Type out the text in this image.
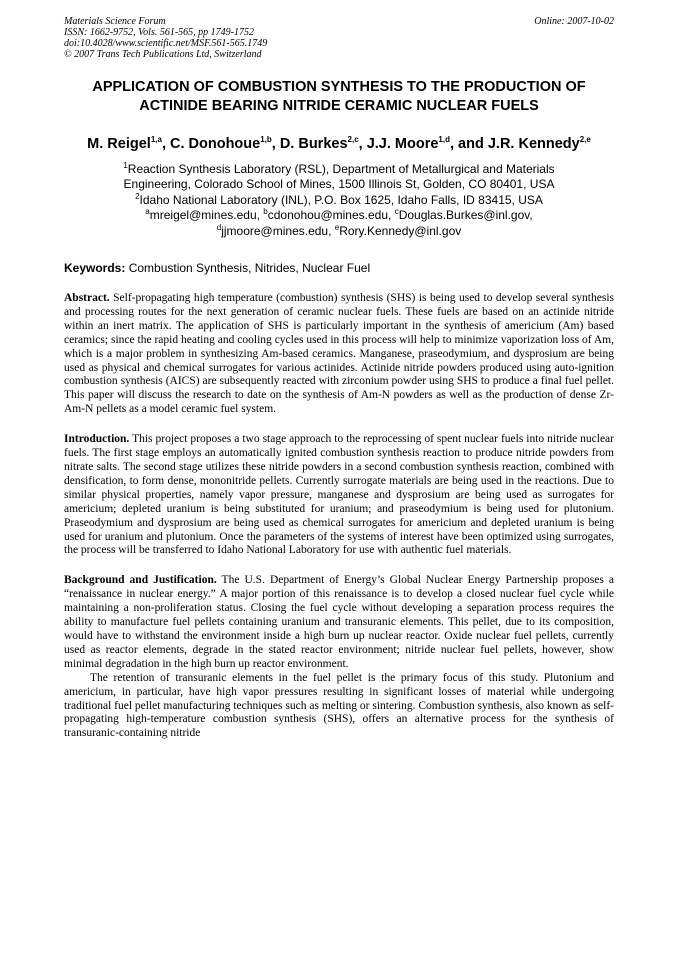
Materials Science Forum
ISSN: 1662-9752, Vols. 561-565, pp 1749-1752
doi:10.4028/www.scientific.net/MSF.561-565.1749
© 2007 Trans Tech Publications Ltd, Switzerland
Online: 2007-10-02
APPLICATION OF COMBUSTION SYNTHESIS TO THE PRODUCTION OF
ACTINIDE BEARING NITRIDE CERAMIC NUCLEAR FUELS
M. Reigel$^{1,a}$, C. Donohoue$^{1,b}$, D. Burkes$^{2,c}$, J.J. Moore$^{1,d}$, and J.R. Kennedy$^{2,e}$
$^1$Reaction Synthesis Laboratory (RSL), Department of Metallurgical and Materials
Engineering, Colorado School of Mines, 1500 Illinois St, Golden, CO 80401, USA
$^2$Idaho National Laboratory (INL), P.O. Box 1625, Idaho Falls, ID 83415, USA
$^a$mreigel@mines.edu, $^b$cdonohou@mines.edu, $^c$Douglas.Burkes@inl.gov,
$^d$jjmoore@mines.edu, $^e$Rory.Kennedy@inl.gov
Keywords: Combustion Synthesis, Nitrides, Nuclear Fuel
Abstract. Self-propagating high temperature (combustion) synthesis (SHS) is being used to develop several synthesis and processing routes for the next generation of ceramic nuclear fuels. These fuels are based on an actinide nitride within an inert matrix. The application of SHS is particularly important in the synthesis of americium (Am) based ceramics; since the rapid heating and cooling cycles used in this process will help to minimize vaporization loss of Am, which is a major problem in synthesizing Am-based ceramics. Manganese, praseodymium, and dysprosium are being used as physical and chemical surrogates for various actinides. Actinide nitride powders produced using auto-ignition combustion synthesis (AICS) are subsequently reacted with zirconium powder using SHS to produce a final fuel pellet. This paper will discuss the research to date on the synthesis of Am-N powders as well as the production of dense Zr-Am-N pellets as a model ceramic fuel system.
Introduction. This project proposes a two stage approach to the reprocessing of spent nuclear fuels into nitride nuclear fuels. The first stage employs an automatically ignited combustion synthesis reaction to produce nitride powders from nitrate salts. The second stage utilizes these nitride powders in a second combustion synthesis reaction, combined with densification, to form dense, mononitride pellets. Currently surrogate materials are being used in the reactions. Due to similar physical properties, namely vapor pressure, manganese and dysprosium are being used as surrogates for americium; depleted uranium is being substituted for uranium; and praseodymium is being used for plutonium. Praseodymium and dysprosium are being used as chemical surrogates for americium and depleted uranium is being used for uranium and plutonium. Once the parameters of the systems of interest have been optimized using surrogates, the process will be transferred to Idaho National Laboratory for use with authentic fuel materials.
Background and Justification. The U.S. Department of Energy’s Global Nuclear Energy Partnership proposes a “renaissance in nuclear energy.” A major portion of this renaissance is to develop a closed nuclear fuel cycle while maintaining a non-proliferation status. Closing the fuel cycle without developing a separation process requires the ability to manufacture fuel pellets containing uranium and transuranic elements. This pellet, due to its composition, would have to withstand the environment inside a high burn up nuclear reactor. Oxide nuclear fuel pellets, currently used as reactor elements, degrade in the stated reactor environment; nitride nuclear fuel pellets, however, show minimal degradation in the high burn up reactor environment.
The retention of transuranic elements in the fuel pellet is the primary focus of this study. Plutonium and americium, in particular, have high vapor pressures resulting in significant losses of material while undergoing traditional fuel pellet manufacturing techniques such as melting or sintering. Combustion synthesis, also known as self-propagating high-temperature combustion synthesis (SHS), offers an alternative process for the synthesis of transuranic-containing nitride
